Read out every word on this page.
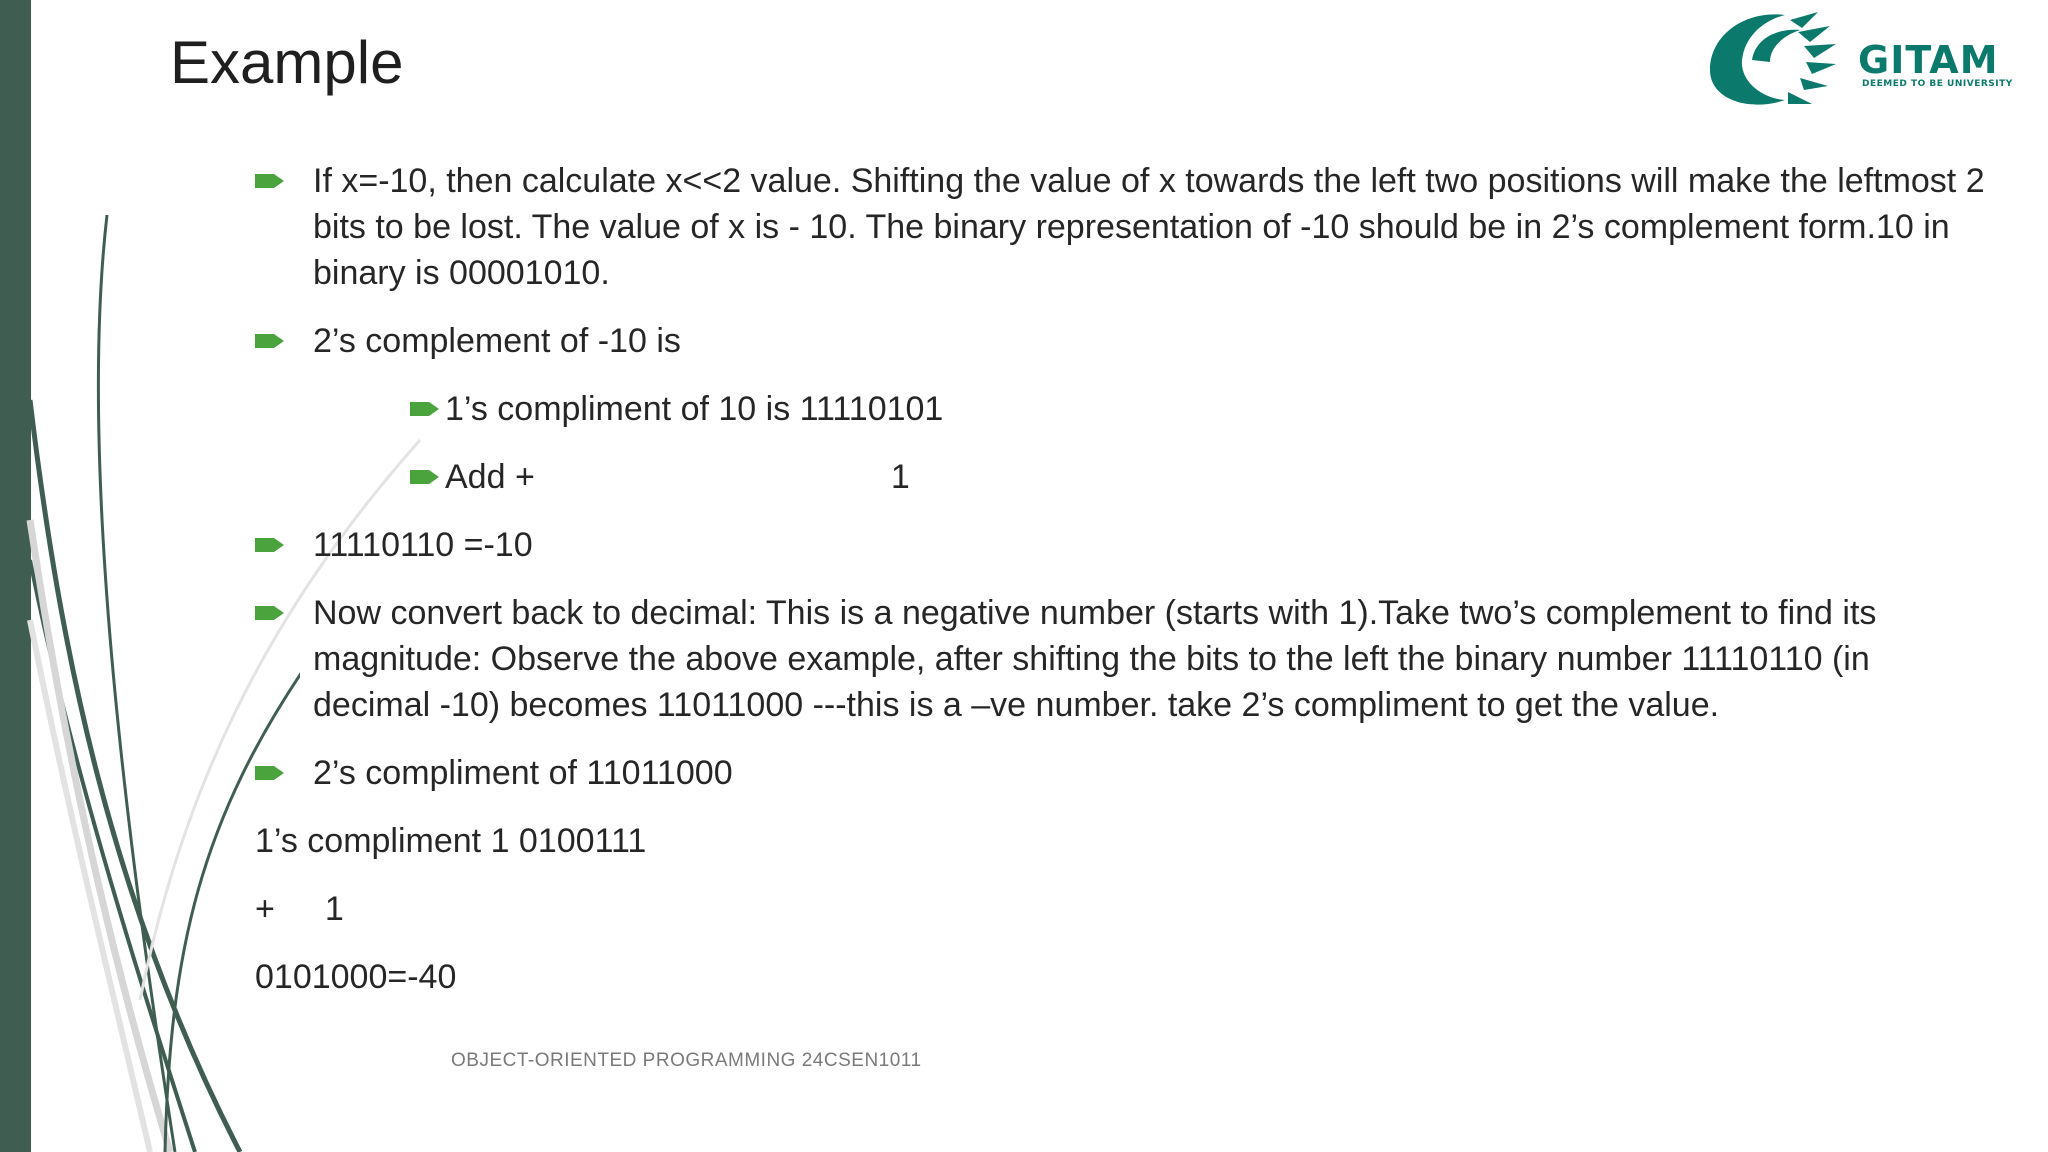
Example	GITAM
DEEMED TO BE UNIVERSITY

If x=-10, then calculate x<<2 value. Shifting the value of x towards the left two positions will make the leftmost 2 bits to be lost. The value of x is - 10. The binary representation of -10 should be in 2’s complement form.10 in binary is 00001010.

2’s complement of -10 is

1’s compliment of 10 is 11110101

Add +	1

11110110 =-10

Now convert back to decimal: This is a negative number (starts with 1).Take two’s complement to find its magnitude: Observe the above example, after shifting the bits to the left the binary number 11110110 (in decimal -10) becomes 11011000 ---this is a –ve number. take 2’s compliment to get the value.

2’s compliment of 11011000

1’s compliment 1 0100111

+ 1

0101000=-40

OBJECT-ORIENTED PROGRAMMING 24CSEN1011
